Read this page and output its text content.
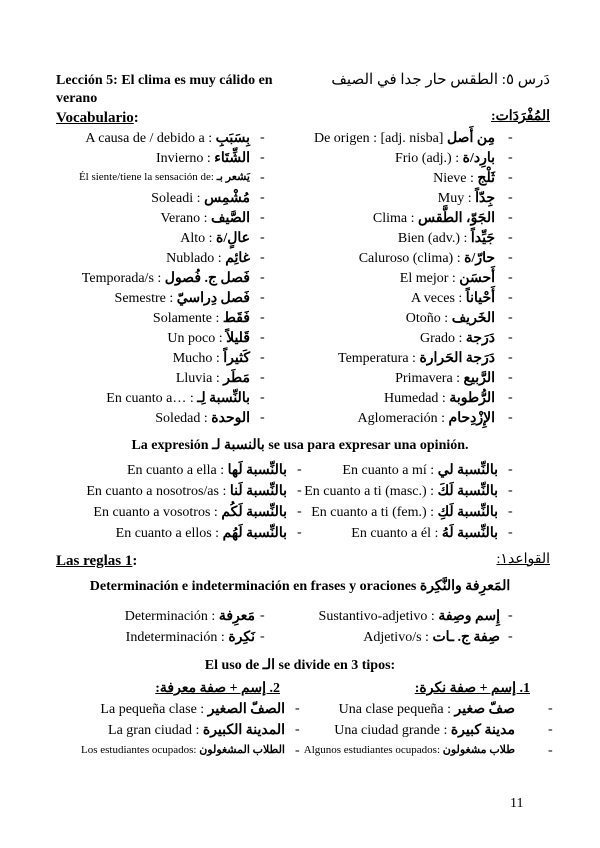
Lección 5: El clima es muy cálido en
verano
دَرس ٥: الطقس حار جدا في الصيف
Vocabulario:	المُفْرَدَات:
A causa de / debido a : بِسَبَبِ -
Invierno : الشِّتَاء -
Él siente/tiene la sensación de: يَشعر بـ -
Soleadi : مُشْمِس -
Verano : الصَّيف -
Alto : عالٍ/ة -
Nublado : غائِم -
Temporada/s : فَصل ج. فُصول -
Semestre : فَصل دِراسيّ -
Solamente : فَقَط -
Un poco : قَليلاً -
Mucho : كَثيراً -
Lluvia : مَطَر -
En cuanto a… : بالنِّسبة لِـ -
Soledad : الوحدة -
De origen : [adj. nisba] مِن أَصل -
Frio (adj.) : بارِد/ة -
Nieve : ثَلْج -
Muy : جِدّاً -
Clima : الجَوّ، الطَّقس -
Bien (adv.) : جَيِّداً -
Caluroso (clima) : حارّ/ة -
El mejor : أَحسَن -
A veces : أَحْياناً -
Otoño : الخَريف -
Grado : دَرَجة -
Temperatura : دَرَجة الحَرارة -
Primavera : الرَّبيع -
Humedad : الرُّطوبة -
Aglomeración : الإِزْدِحام -
La expresión بالنسبة لـ se usa para expresar una opinión.
En cuanto a ella : بالنِّسبة لَها -
En cuanto a nosotros/as : بالنِّسبة لَنا -
En cuanto a vosotros : بالنِّسبة لَكُم -
En cuanto a ellos : بالنِّسبة لَهُم -
En cuanto a mí : بالنِّسبة لي -
En cuanto a ti (masc.) : بالنِّسبة لَكَ -
En cuanto a ti (fem.) : بالنِّسبة لَكِ -
En cuanto a él : بالنِّسبة لَهُ -
Las reglas 1:	القواعد١:
Determinación e indeterminación en frases y oraciones المَعرِفة والنَّكِرة
Determinación : مَعرِفة -
Indeterminación : نَكِرة -
Sustantivo-adjetivo : إِسم وصِفة -
Adjetivo/s : صِفة ج. ـات -
El uso de الـ se divide en 3 tipos:
2. إسم + صفة معرفة:	1. إسم + صفة نكرة:
La pequeña clase : الصفّ الصغير -
La gran ciudad : المدينة الكبيرة -
Los estudiantes ocupados: الطلاب المشغولون -
Una clase pequeña : صفّ صغير -
Una ciudad grande : مدينة كبيرة -
Algunos estudiantes ocupados: طلاب مشغولون -
11
